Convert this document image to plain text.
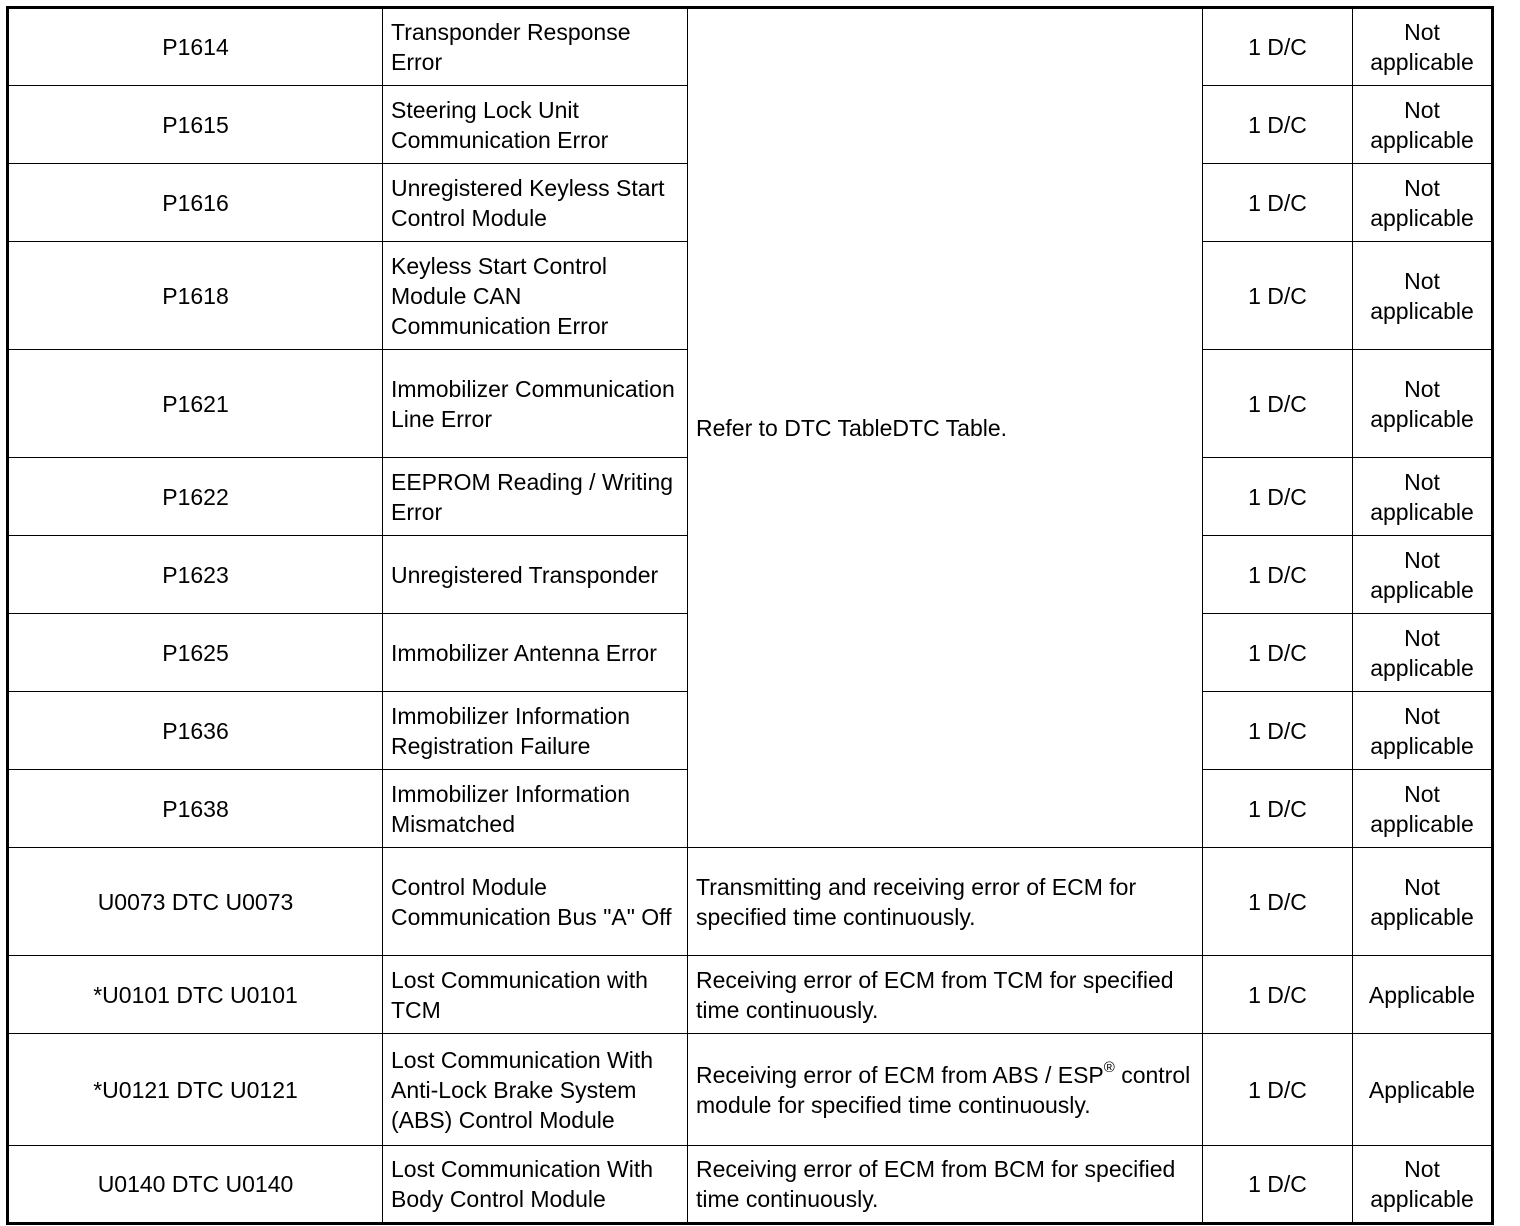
P1614	Transponder Response Error	Refer to DTC TableDTC Table.	1 D/C	Not applicable
P1615	Steering Lock Unit Communication Error		1 D/C	Not applicable
P1616	Unregistered Keyless Start Control Module		1 D/C	Not applicable
P1618	Keyless Start Control Module CAN Communication Error		1 D/C	Not applicable
P1621	Immobilizer Communication Line Error		1 D/C	Not applicable
P1622	EEPROM Reading / Writing Error		1 D/C	Not applicable
P1623	Unregistered Transponder		1 D/C	Not applicable
P1625	Immobilizer Antenna Error		1 D/C	Not applicable
P1636	Immobilizer Information Registration Failure		1 D/C	Not applicable
P1638	Immobilizer Information Mismatched		1 D/C	Not applicable
U0073 DTC U0073	Control Module Communication Bus "A" Off	Transmitting and receiving error of ECM for specified time continuously.	1 D/C	Not applicable
*U0101 DTC U0101	Lost Communication with TCM	Receiving error of ECM from TCM for specified time continuously.	1 D/C	Applicable
*U0121 DTC U0121	Lost Communication With Anti-Lock Brake System (ABS) Control Module	Receiving error of ECM from ABS / ESP® control module for specified time continuously.	1 D/C	Applicable
U0140 DTC U0140	Lost Communication With Body Control Module	Receiving error of ECM from BCM for specified time continuously.	1 D/C	Not applicable
